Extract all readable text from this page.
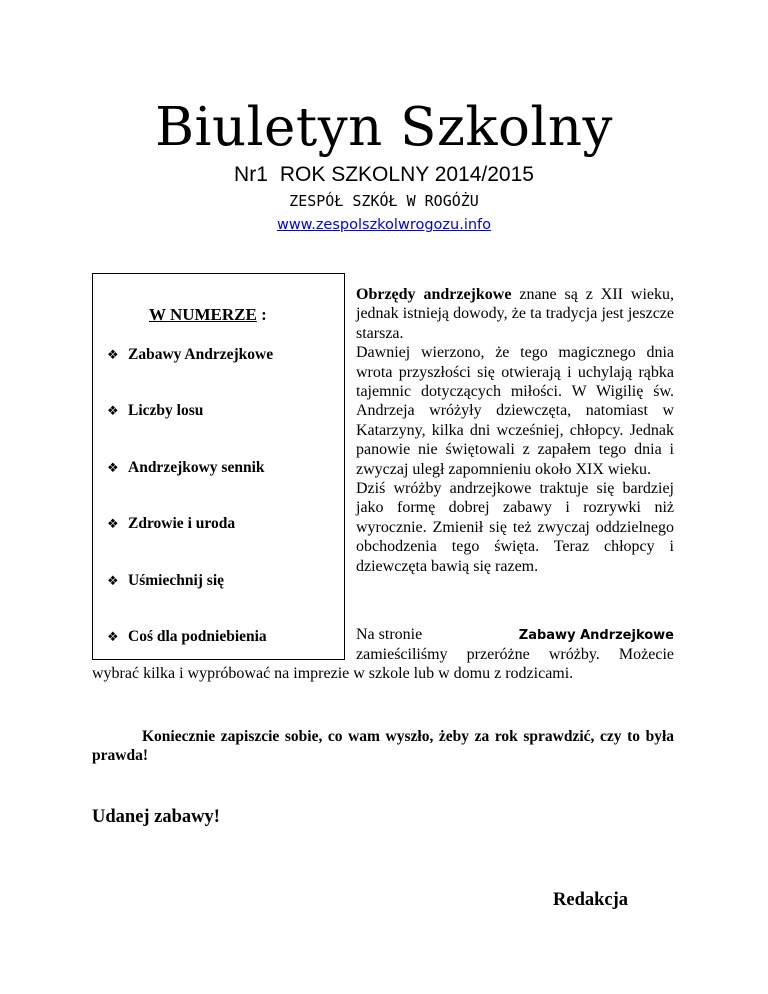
Biuletyn Szkolny
Nr1 ROK SZKOLNY 2014/2015
ZESPÓŁ SZKÓŁ W ROGÓŻU
www.zespolszkolwrogozu.info
W NUMERZE :
❖ Zabawy Andrzejkowe
❖ Liczby losu
❖ Andrzejkowy sennik
❖ Zdrowie i uroda
❖ Uśmiechnij się
❖ Coś dla podniebienia

Obrzędy andrzejkowe znane są z XII wieku, jednak istnieją dowody, że ta tradycja jest jeszcze starsza.

Dawniej wierzono, że tego magicznego dnia wrota przyszłości się otwierają i uchylają rąbka tajemnic dotyczących miłości. W Wigilię św. Andrzeja wróżyły dziewczęta, natomiast w Katarzyny, kilka dni wcześniej, chłopcy. Jednak panowie nie świętowali z zapałem tego dnia i zwyczaj uległ zapomnieniu około XIX wieku.

Dziś wróżby andrzejkowe traktuje się bardziej jako formę dobrej zabawy i rozrywki niż wyrocznie. Zmienił się też zwyczaj oddzielnego obchodzenia tego święta. Teraz chłopcy i dziewczęta bawią się razem.

Na stronie	Zabawy Andrzejkowe
zamieściliśmy przeróżne wróżby. Możecie
wybrać kilka i wypróbować na imprezie w szkole lub w domu z rodzicami.
Koniecznie zapiszcie sobie, co wam wyszło, żeby za rok sprawdzić, czy to była prawda!
Udanej zabawy!
Redakcja
